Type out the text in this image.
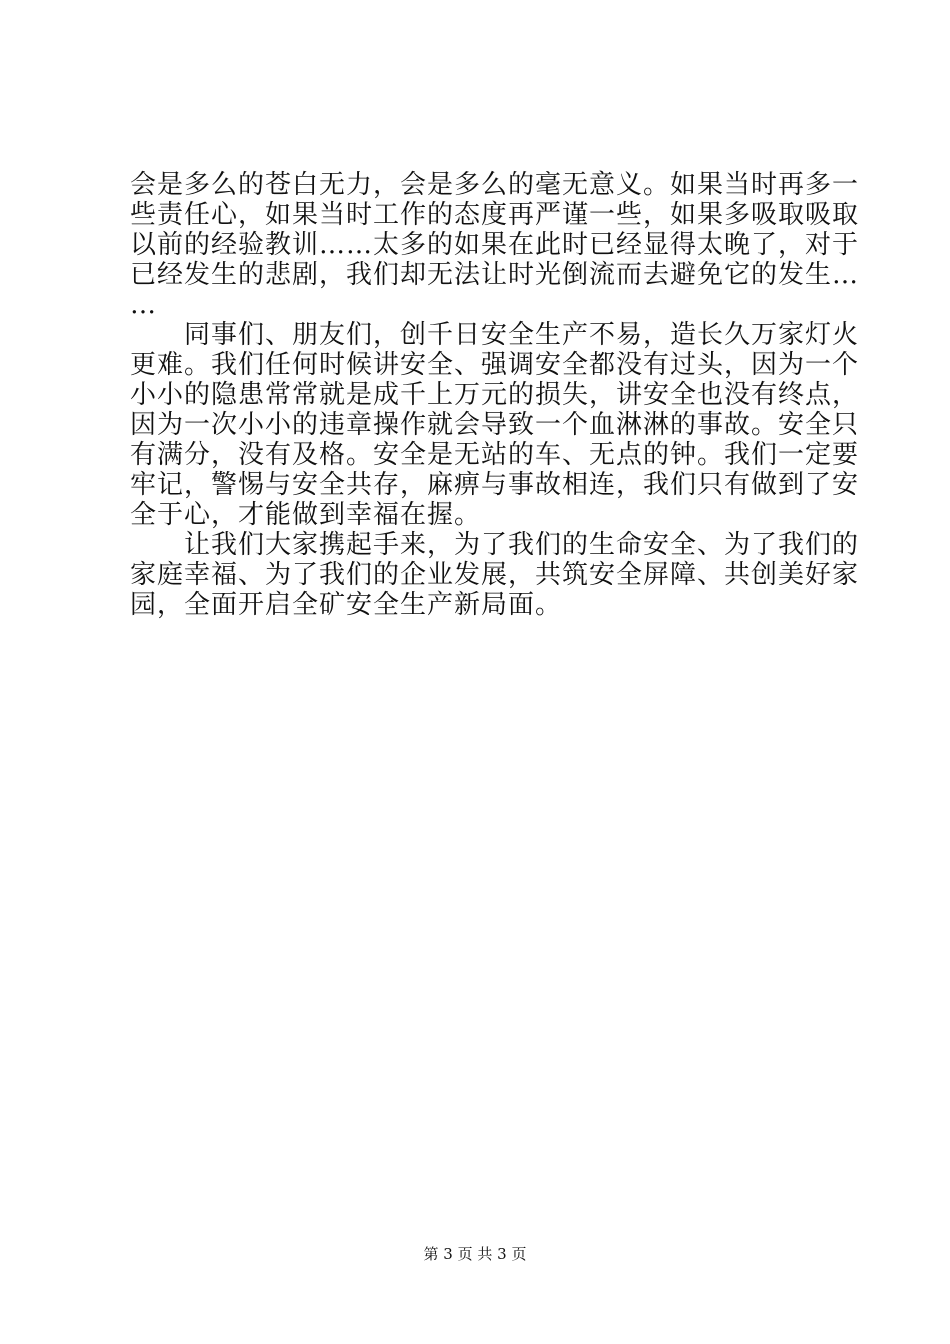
会是多么的苍白无力，会是多么的毫无意义。如果当时再多一
些责任心，如果当时工作的态度再严谨一些，如果多吸取吸取
以前的经验教训……太多的如果在此时已经显得太晚了，对于
已经发生的悲剧，我们却无法让时光倒流而去避免它的发生…
…
　　同事们、朋友们，创千日安全生产不易，造长久万家灯火
更难。我们任何时候讲安全、强调安全都没有过头，因为一个
小小的隐患常常就是成千上万元的损失，讲安全也没有终点，
因为一次小小的违章操作就会导致一个血淋淋的事故。安全只
有满分，没有及格。安全是无站的车、无点的钟。我们一定要
牢记，警惕与安全共存，麻痹与事故相连，我们只有做到了安
全于心，才能做到幸福在握。
　　让我们大家携起手来，为了我们的生命安全、为了我们的
家庭幸福、为了我们的企业发展，共筑安全屏障、共创美好家
园，全面开启全矿安全生产新局面。
第 3 页 共 3 页
